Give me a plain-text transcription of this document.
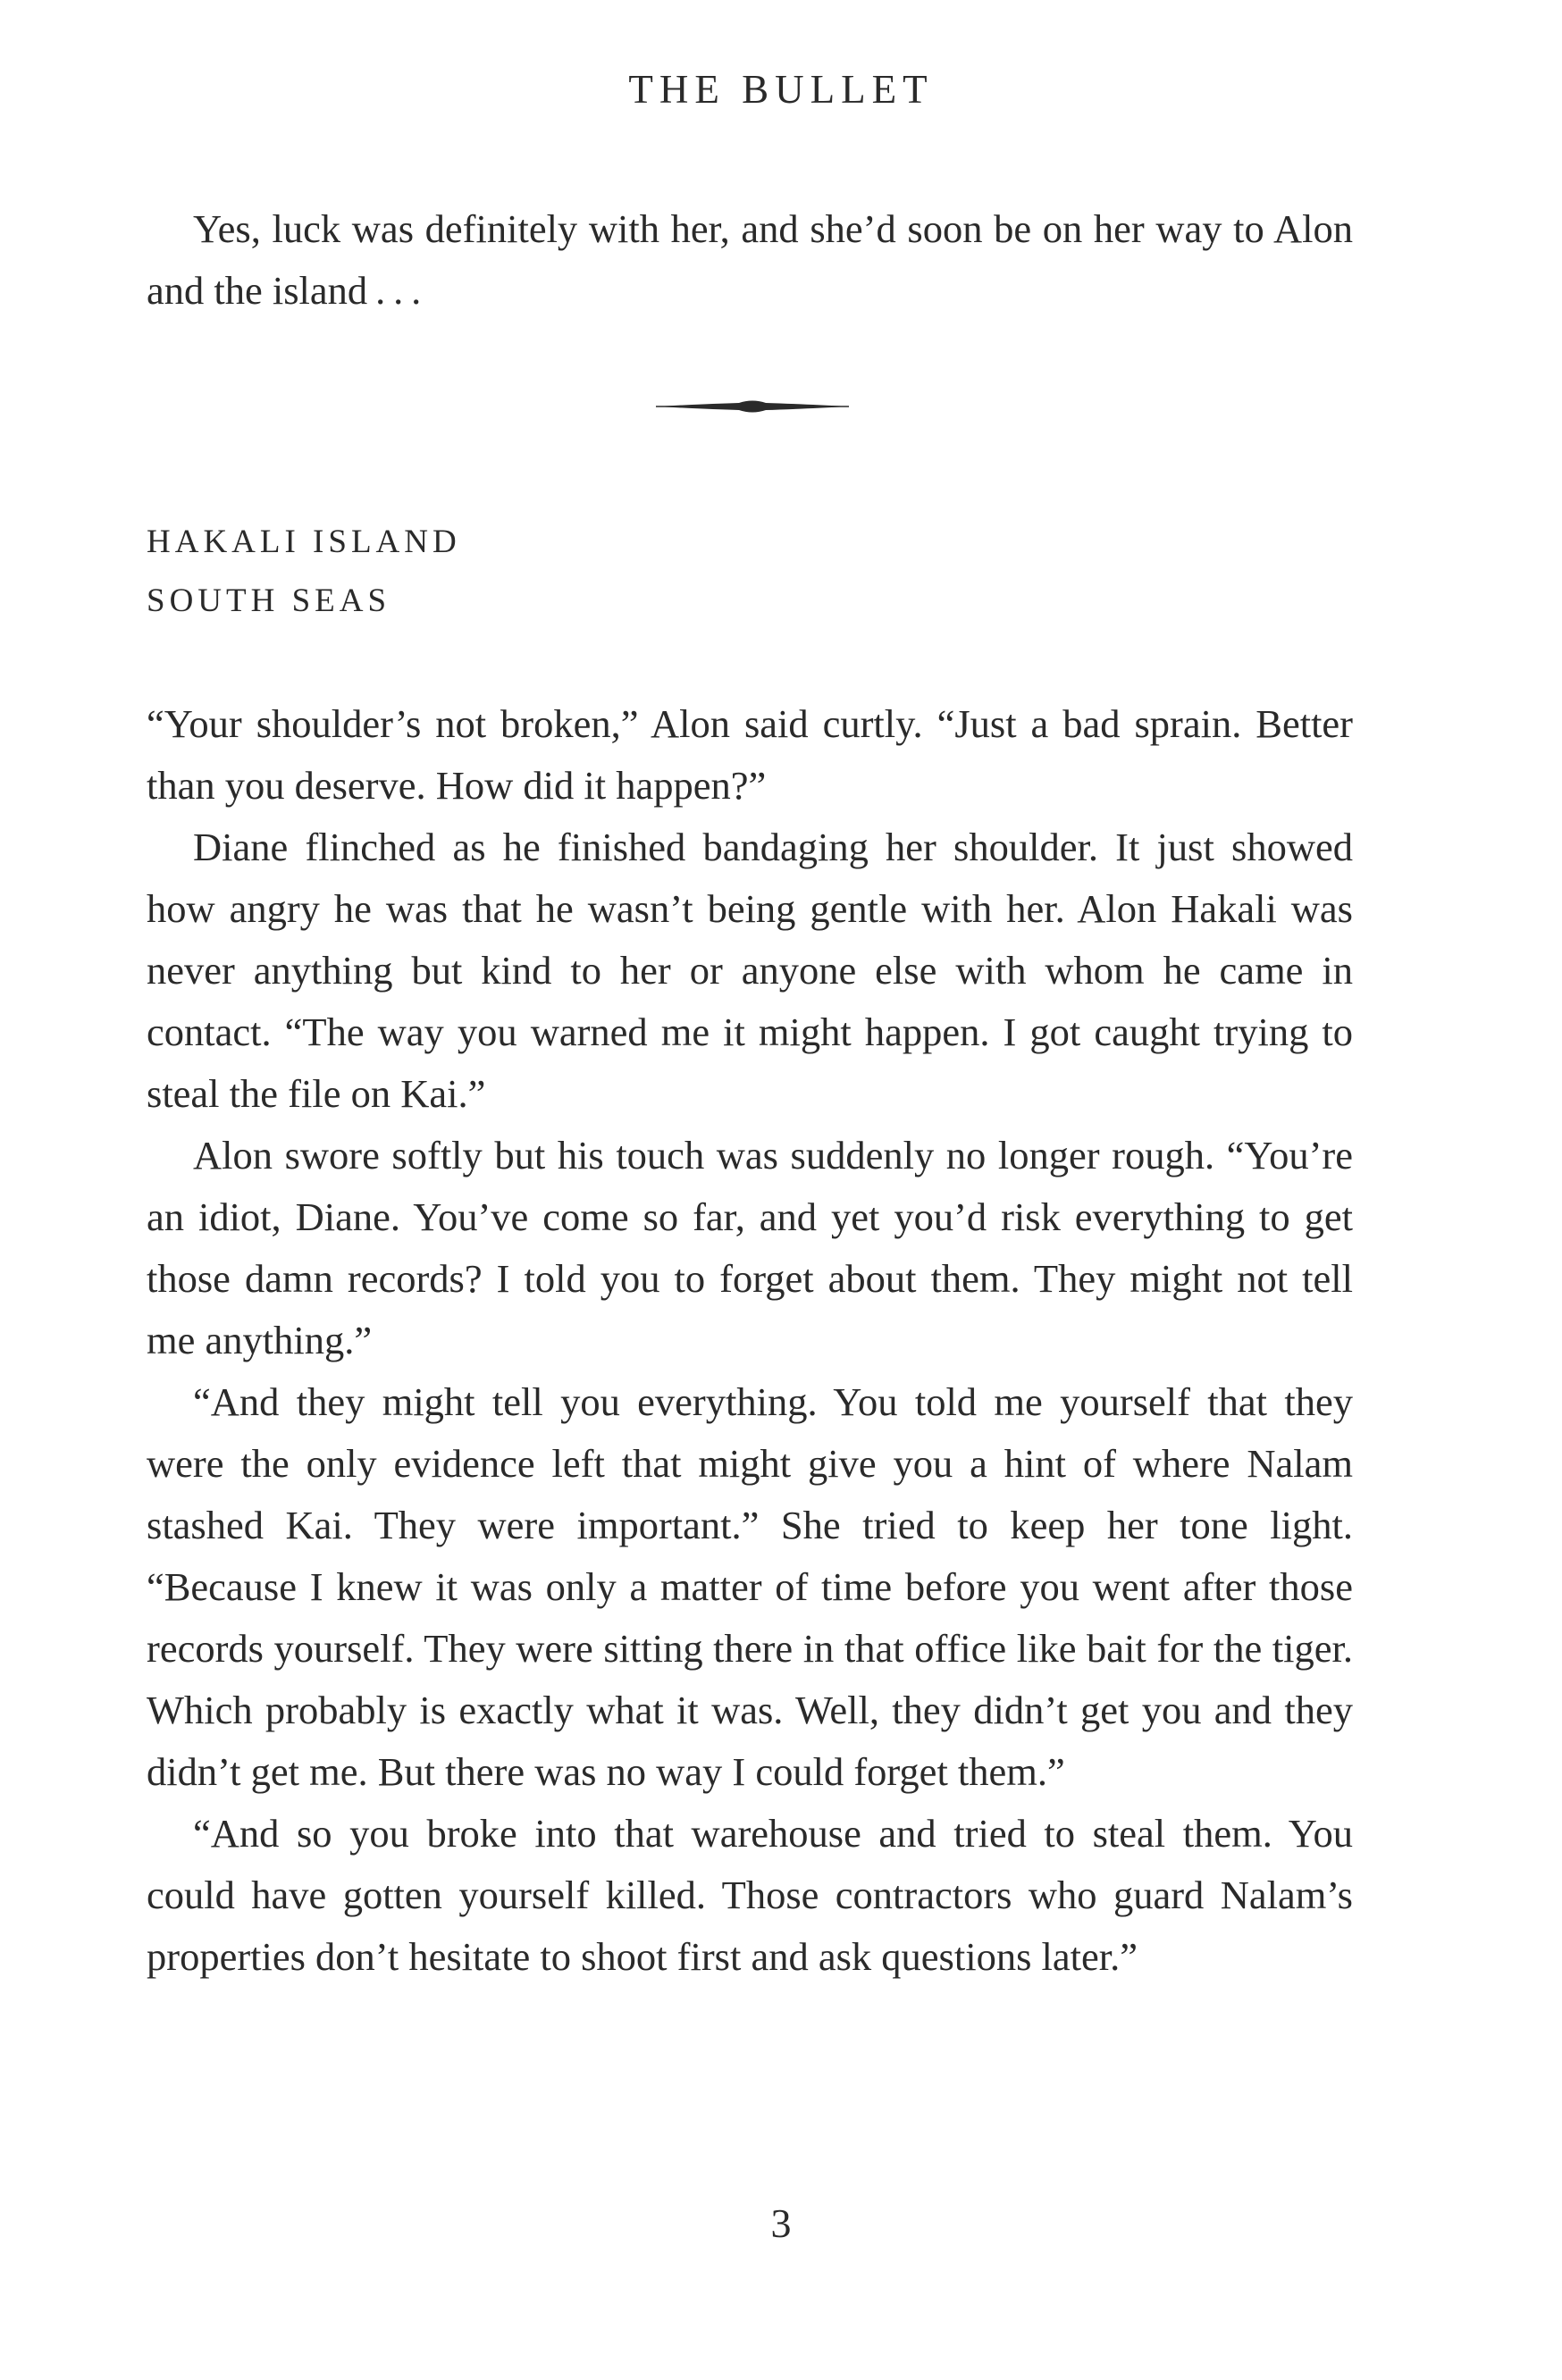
THE BULLET

Yes, luck was definitely with her, and she’d soon be on her way to Alon and the island . . .

HAKALI ISLAND
SOUTH SEAS

“Your shoulder’s not broken,” Alon said curtly. “Just a bad sprain. Better than you deserve. How did it happen?”

Diane flinched as he finished bandaging her shoulder. It just showed how angry he was that he wasn’t being gentle with her. Alon Hakali was never anything but kind to her or anyone else with whom he came in contact. “The way you warned me it might happen. I got caught trying to steal the file on Kai.”

Alon swore softly but his touch was suddenly no longer rough. “You’re an idiot, Diane. You’ve come so far, and yet you’d risk everything to get those damn records? I told you to forget about them. They might not tell me anything.”

“And they might tell you everything. You told me yourself that they were the only evidence left that might give you a hint of where Nalam stashed Kai. They were important.” She tried to keep her tone light. “Because I knew it was only a matter of time before you went after those records yourself. They were sitting there in that office like bait for the tiger. Which probably is exactly what it was. Well, they didn’t get you and they didn’t get me. But there was no way I could forget them.”

“And so you broke into that warehouse and tried to steal them. You could have gotten yourself killed. Those contractors who guard Nalam’s properties don’t hesitate to shoot first and ask questions later.”

3
